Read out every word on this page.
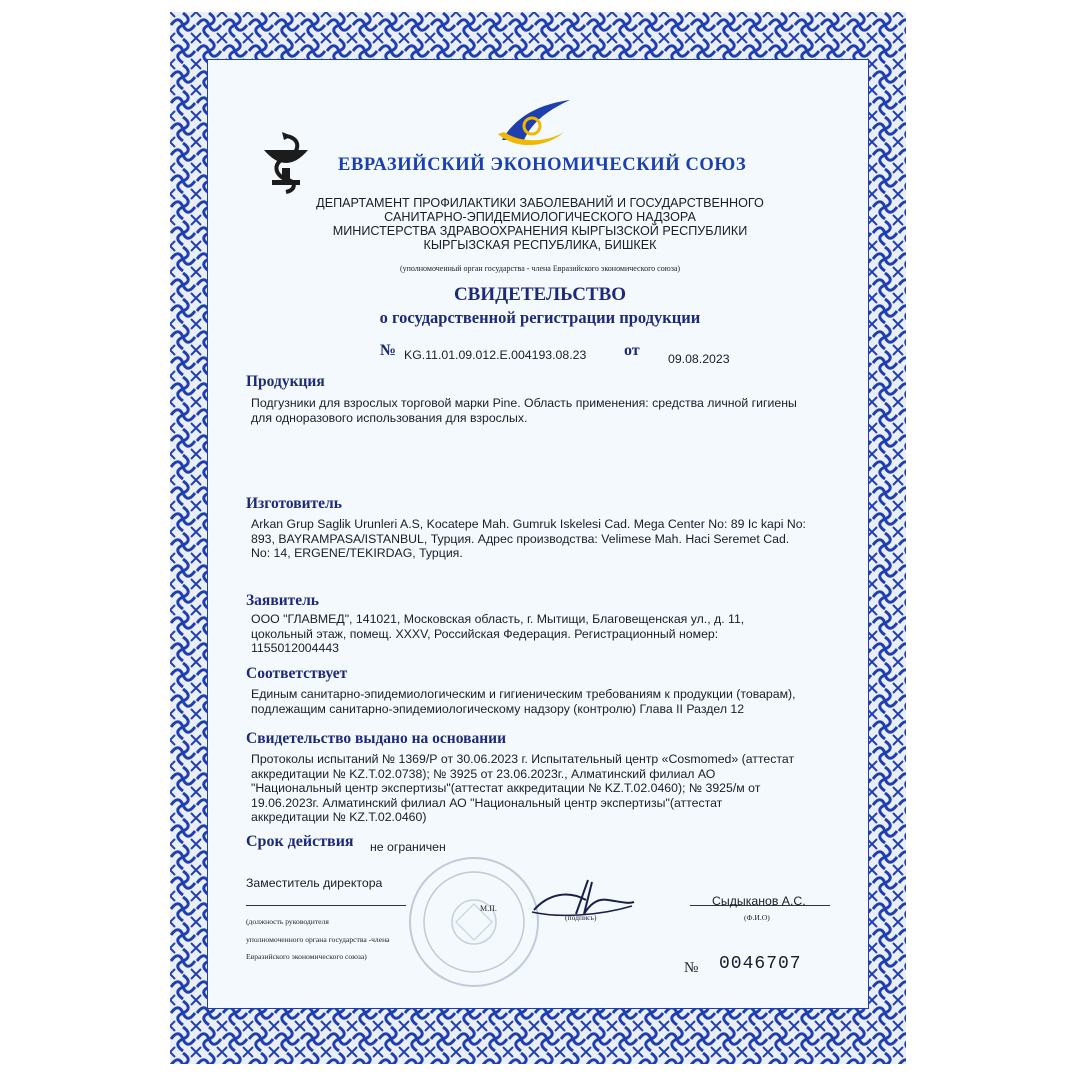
ЕВРАЗИЙСКИЙ ЭКОНОМИЧЕСКИЙ СОЮЗ
ДЕПАРТАМЕНТ ПРОФИЛАКТИКИ ЗАБОЛЕВАНИЙ И ГОСУДАРСТВЕННОГО
САНИТАРНО-ЭПИДЕМИОЛОГИЧЕСКОГО НАДЗОРА
МИНИСТЕРСТВА ЗДРАВООХРАНЕНИЯ КЫРГЫЗСКОЙ РЕСПУБЛИКИ
КЫРГЫЗСКАЯ РЕСПУБЛИКА, БИШКЕК
(уполномоченный орган государства - члена Евразийского экономического союза)
СВИДЕТЕЛЬСТВО
о государственной регистрации продукции
№ KG.11.01.09.012.E.004193.08.23 от 09.08.2023
Продукция
Подгузники для взрослых торговой марки Pine. Область применения: средства личной гигиены
для одноразового использования для взрослых.
Изготовитель
Arkan Grup Saglik Urunleri A.S, Kocatepe Mah. Gumruk Iskelesi Cad. Mega Center No: 89 Ic kapi No:
893, BAYRAMPASA/ISTANBUL, Турция. Адрес производства: Velimese Mah. Haci Seremet Cad.
No: 14, ERGENE/TEKIRDAG, Турция.
Заявитель
ООО "ГЛАВМЕД", 141021, Московская область, г. Мытищи, Благовещенская ул., д. 11,
цокольный этаж, помещ. XXXV, Российская Федерация. Регистрационный номер:
1155012004443
Соответствует
Единым санитарно-эпидемиологическим и гигиеническим требованиям к продукции (товарам),
подлежащим санитарно-эпидемиологическому надзору (контролю) Глава II Раздел 12
Свидетельство выдано на основании
Протоколы испытаний № 1369/Р от 30.06.2023 г. Испытательный центр «Cosmomed» (аттестат
аккредитации № KZ.T.02.0738); № 3925 от 23.06.2023г., Алматинский филиал АО
"Национальный центр экспертизы"(аттестат аккредитации № KZ.T.02.0460); № 3925/м от
19.06.2023г. Алматинский филиал АО "Национальный центр экспертизы"(аттестат
аккредитации № KZ.T.02.0460)
Срок действия не ограничен
Заместитель директора
М.П.
(должность руководителя
уполномоченного органа государства -члена
Евразийского экономического союза)
(подпись)
Сыдыканов А.С.
(Ф.И.О)
№ 0046707
